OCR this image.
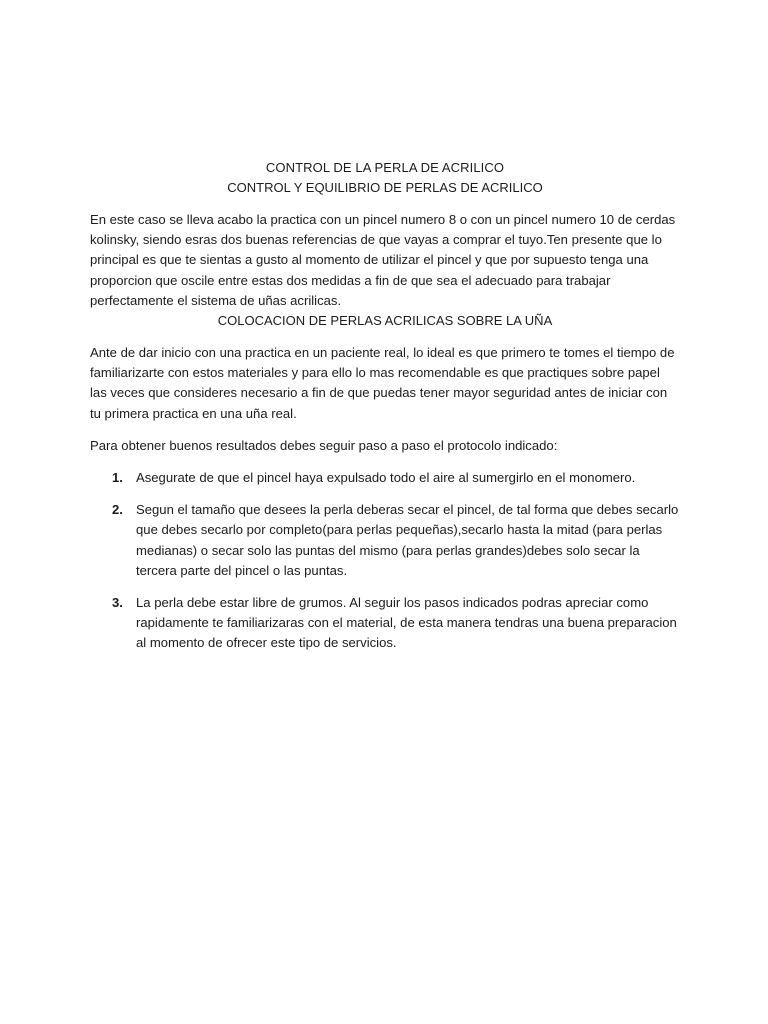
CONTROL DE LA PERLA DE ACRILICO
CONTROL Y EQUILIBRIO DE PERLAS DE ACRILICO

En este caso se lleva acabo la practica con un pincel numero 8 o con un pincel numero 10 de cerdas kolinsky, siendo esras dos buenas referencias de que vayas a comprar el tuyo.Ten presente que lo principal es que te sientas a gusto al momento de utilizar el pincel y que por supuesto tenga una proporcion que oscile entre estas dos medidas a fin de que sea el adecuado para trabajar perfectamente el sistema de uñas acrilicas.

COLOCACION DE PERLAS ACRILICAS SOBRE LA UÑA

Ante de dar inicio con una practica en un paciente real, lo ideal es que primero te tomes el tiempo de familiarizarte con estos materiales y para ello lo mas recomendable es que practiques sobre papel las veces que consideres necesario a fin de que puedas tener mayor seguridad antes de iniciar con tu primera practica en una uña real.

Para obtener buenos resultados debes seguir paso a paso el protocolo indicado:

1. Asegurate de que el pincel haya expulsado todo el aire al sumergirlo en el monomero.
2. Segun el tamaño que desees la perla deberas secar el pincel, de tal forma que debes secarlo que debes secarlo por completo(para perlas pequeñas),secarlo hasta la mitad (para perlas medianas) o secar solo las puntas del mismo (para perlas grandes)debes solo secar la tercera parte del pincel o las puntas.
3. La perla debe estar libre de grumos. Al seguir los pasos indicados podras apreciar como rapidamente te familiarizaras con el material, de esta manera tendras una buena preparacion al momento de ofrecer este tipo de servicios.
